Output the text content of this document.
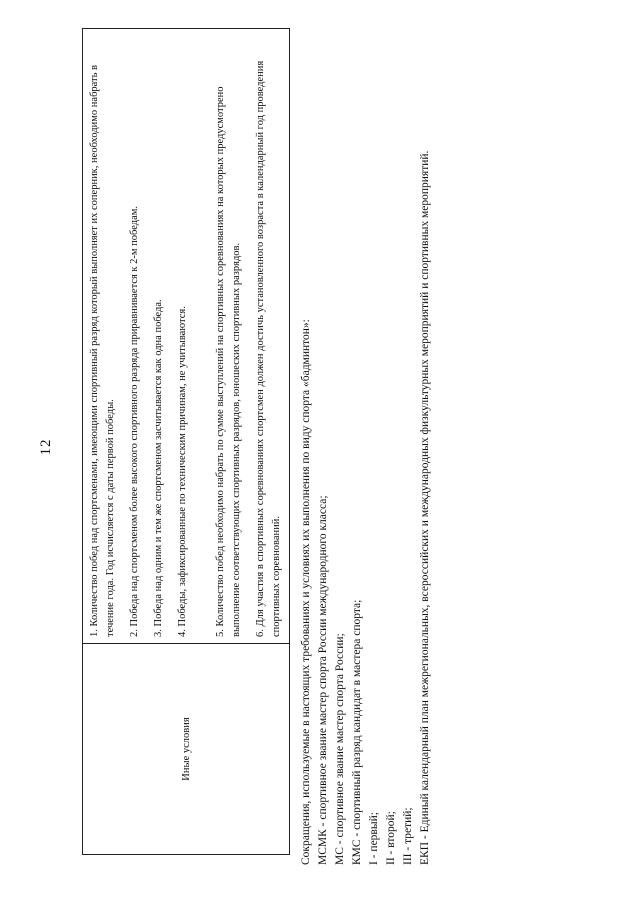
12
Иные условия

1. Количество побед над спортсменами, имеющими спортивный разряд который выполняет их соперник, необходимо набрать в течение года. Год исчисляется с даты первой победы. 2. Победа над спортсменом более высокого спортивного разряда приравнивается к 2-м победам. 3. Победа над одним и тем же спортсменом засчитывается как одна победа. 4. Победы, зафиксированные по техническим причинам, не учитываются.	5. Количество побед необходимо набрать по сумме выступлений на спортивных соревнованиях на которых предусмотрено выполнение соответствующих спортивных разрядов, юношеских спортивных разрядов. 6. Для участия в спортивных соревнованиях спортсмен должен достичь установленного возраста в календарный год проведения спортивных соревнований. Сокращения, используемые в настоящих требованиях и условиях их выполнения по виду спорта «бадминтон»: МСМК - спортивное звание мастер спорта России международного класса; МС - спортивное звание мастер спорта России; КМС - спортивный разряд кандидат в мастера спорта; I - первый; II - второй; III - третий; ЕКП - Единый календарный план межрегиональных, всероссийских и международных физкультурных мероприятий и спортивных мероприятий.
